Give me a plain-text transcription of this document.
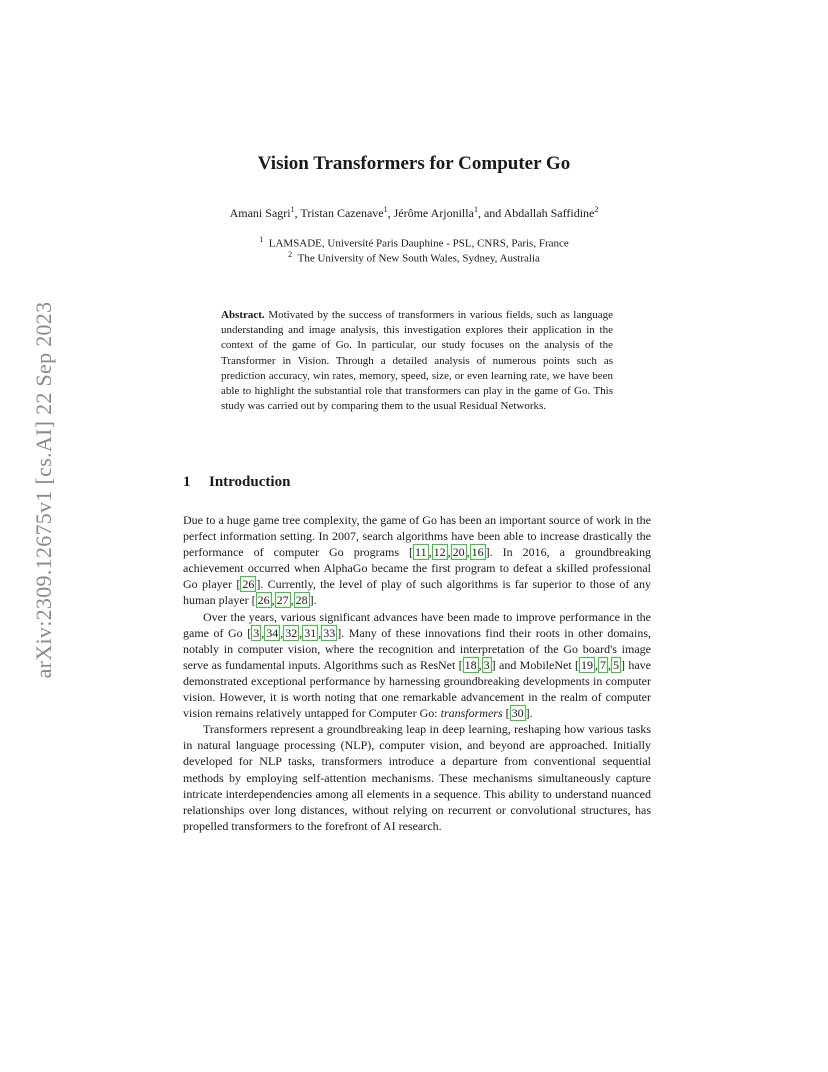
arXiv:2309.12675v1 [cs.AI] 22 Sep 2023
Vision Transformers for Computer Go
Amani Sagri$^1$, Tristan Cazenave$^1$, Jérôme Arjonilla$^1$, and Abdallah Saffidine$^2$
$^1$ LAMSADE, Université Paris Dauphine - PSL, CNRS, Paris, France
$^2$ The University of New South Wales, Sydney, Australia
Abstract. Motivated by the success of transformers in various fields, such as language understanding and image analysis, this investigation explores their application in the context of the game of Go. In particular, our study focuses on the analysis of the Transformer in Vision. Through a detailed analysis of numerous points such as prediction accuracy, win rates, memory, speed, size, or even learning rate, we have been able to highlight the substantial role that transformers can play in the game of Go. This study was carried out by comparing them to the usual Residual Networks.
1 Introduction

Due to a huge game tree complexity, the game of Go has been an important source of work in the perfect information setting. In 2007, search algorithms have been able to increase drastically the performance of computer Go programs [ 11 , 12 , 20 , 16 ]. In 2016, a groundbreaking achievement occurred when AlphaGo became the first program to defeat a skilled professional Go player [ 26 ]. Currently, the level of play of such algorithms is far superior to those of any human player [ 26 , 27 , 28 ].

Over the years, various significant advances have been made to improve performance in the game of Go [ 3 , 34 , 32 , 31 , 33 ]. Many of these innovations find their roots in other domains, notably in computer vision, where the recognition and interpretation of the Go board's image serve as fundamental inputs. Algorithms such as ResNet [ 18 , 3 ] and MobileNet [ 19 , 7 , 5 ] have demonstrated exceptional performance by harnessing groundbreaking developments in computer vision. However, it is worth noting that one remarkable advancement in the realm of computer vision remains relatively untapped for Computer Go: transformers [ 30 ].

Transformers represent a groundbreaking leap in deep learning, reshaping how various tasks in natural language processing (NLP), computer vision, and beyond are approached. Initially developed for NLP tasks, transformers introduce a departure from conventional sequential methods by employing self-attention mechanisms. These mechanisms simultaneously capture intricate interdependencies among all elements in a sequence. This ability to understand nuanced relationships over long distances, without relying on recurrent or convolutional structures, has propelled transformers to the forefront of AI research.
